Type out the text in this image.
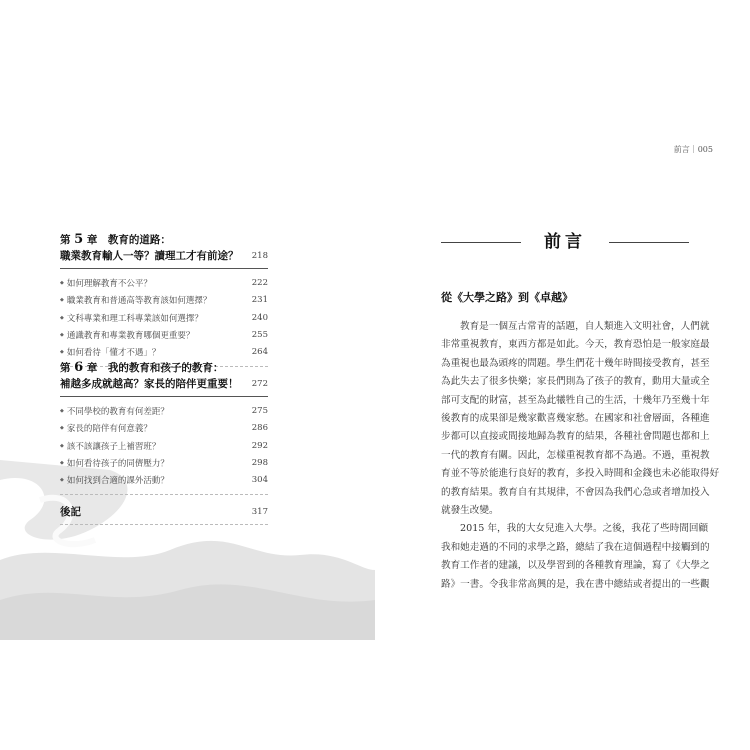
第 5 章　教育的道路：
職業教育輸人一等？讀理工才有前途？ 218
◆ 如何理解教育不公平？	222
◆ 職業教育和普通高等教育該如何選擇？	231
◆ 文科專業和理工科專業該如何選擇？	240
◆ 通識教育和專業教育哪個更重要？	255
◆ 如何看待「懂才不遇」？	264
第 6 章　我的教育和孩子的教育：
補越多成就越高？家長的陪伴更重要！ 272
◆ 不同學校的教育有何差距？	275
◆ 家長的陪伴有何意義？	286
◆ 該不該讓孩子上補習班？	292
◆ 如何看待孩子的同儕壓力？	298
◆ 如何找到合適的課外活動？	304
後記	317
前言｜005
前言
從《大學之路》到《卓越》
教育是一個亙古常青的話題，自人類進入文明社會，人們就
非常重視教育，東西方都是如此。今天，教育恐怕是一般家庭最
為重視也最為頭疼的問題。學生們花十幾年時間接受教育，甚至
為此失去了很多快樂；家長們則為了孩子的教育，動用大量或全
部可支配的財富，甚至為此犧牲自己的生活，十幾年乃至幾十年
後教育的成果卻是幾家歡喜幾家愁。在國家和社會層面，各種進
步都可以直接或間接地歸為教育的結果，各種社會問題也都和上
一代的教育有關。因此，怎樣重視教育都不為過。不過，重視教
育並不等於能進行良好的教育，多投入時間和金錢也未必能取得好
的教育結果。教育自有其規律，不會因為我們心急或者增加投入
就發生改變。
2015 年，我的大女兒進入大學。之後，我花了些時間回顧
我和她走過的不同的求學之路，總結了我在這個過程中接觸到的
教育工作者的建議，以及學習到的各種教育理論，寫了《大學之
路》一書。令我非常高興的是，我在書中總結或者提出的一些觀
